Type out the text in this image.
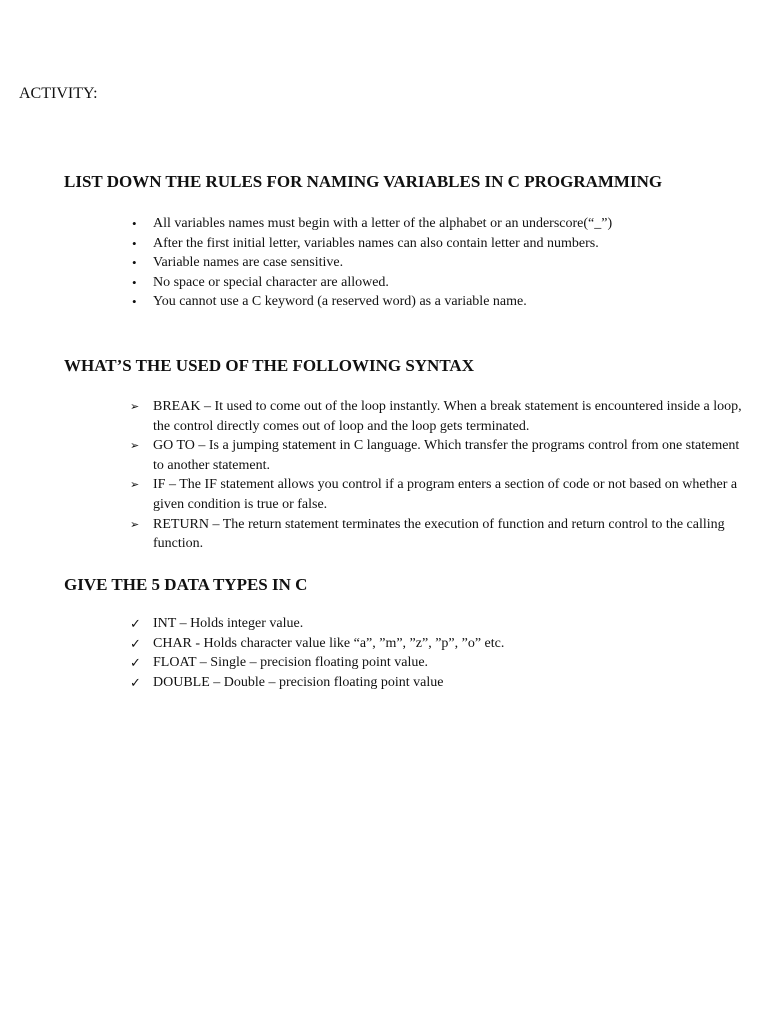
ACTIVITY:

LIST DOWN THE RULES FOR NAMING VARIABLES IN C PROGRAMMING
•	All variables names must begin with a letter of the alphabet or an underscore(“_”)
•	After the first initial letter, variables names can also contain letter and numbers.
•	Variable names are case sensitive.
•	No space or special character are allowed.
•	You cannot use a C keyword (a reserved word) as a variable name.
WHAT’S THE USED OF THE FOLLOWING SYNTAX
➢ BREAK – It used to come out of the loop instantly. When a break statement is encountered inside a loop, the control directly comes out of loop and the loop gets terminated.
➢ GO TO – Is a jumping statement in C language. Which transfer the programs control from one statement to another statement.
➢ IF – The IF statement allows you control if a program enters a section of code or not based on whether a given condition is true or false.
➢ RETURN – The return statement terminates the execution of function and return control to the calling function.
GIVE THE 5 DATA TYPES IN C
✓ INT – Holds integer value.
✓ CHAR - Holds character value like “a”, ”m”, ”z”, ”p”, ”o” etc.
✓ FLOAT – Single – precision floating point value.
✓ DOUBLE – Double – precision floating point value
